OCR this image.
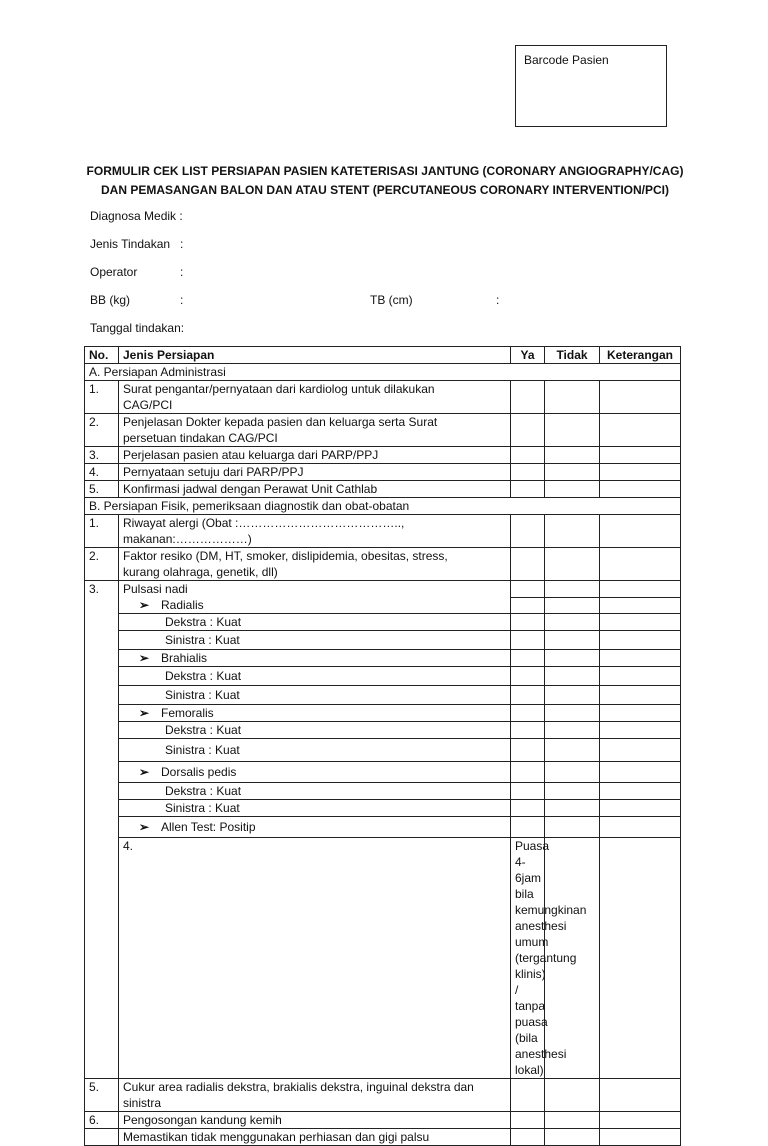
Barcode Pasien
FORMULIR CEK LIST PERSIAPAN PASIEN KATETERISASI JANTUNG (CORONARY ANGIOGRAPHY/CAG)
DAN PEMASANGAN BALON DAN ATAU STENT (PERCUTANEOUS CORONARY INTERVENTION/PCI)
Diagnosa Medik :
Jenis Tindakan :
Operator	:
BB (kg)	:	TB (cm)	:
Tanggal tindakan:
No.	Jenis Persiapan	Ya	Tidak	Keterangan	
A. Persiapan Administrasi					
1.	Surat pengantar/pernyataan dari kardiolog untuk dilakukan
CAG/PCI				

2.	Penjelasan Dokter kepada pasien dan keluarga serta Surat
persetuan tindakan CAG/PCI				

3.	Perjelasan pasien atau keluarga dari PARP/PPJ				
4.	Pernyataan setuju dari PARP/PPJ				
5.	Konfirmasi jadwal dengan Perawat Unit Cathlab				
B. Persiapan Fisik, pemeriksaan diagnostik dan obat-obatan					
1.	Riwayat alergi (Obat :………………………………….., makanan:………………)				
2.	Faktor resiko (DM, HT, smoker, dislipidemia, obesitas, stress,
kurang olahraga, genetik, dll)				

3.	Pulsasi nadi				
	➢ Radialis				
	Dekstra : Kuat				
	Sinistra : Kuat				
	➢ Brahialis				
	Dekstra : Kuat				
	Sinistra : Kuat				
	➢ Femoralis				
	Dekstra : Kuat				
	Sinistra : Kuat				
	➢ Dorsalis pedis				
	Dekstra : Kuat				
	Sinistra : Kuat				
	➢ Allen Test: Positip				
	4.	Puasa 4-6jam bila kemungkinan anesthesi umum (tergantung klinis)
/ tanpa puasa (bila anesthesi lokal)			

5.	Cukur area radialis dekstra, brakialis dekstra, inguinal dekstra dan
sinistra				

6.	Pengosongan kandung kemih				
	Memastikan tidak menggunakan perhiasan dan gigi palsu				
